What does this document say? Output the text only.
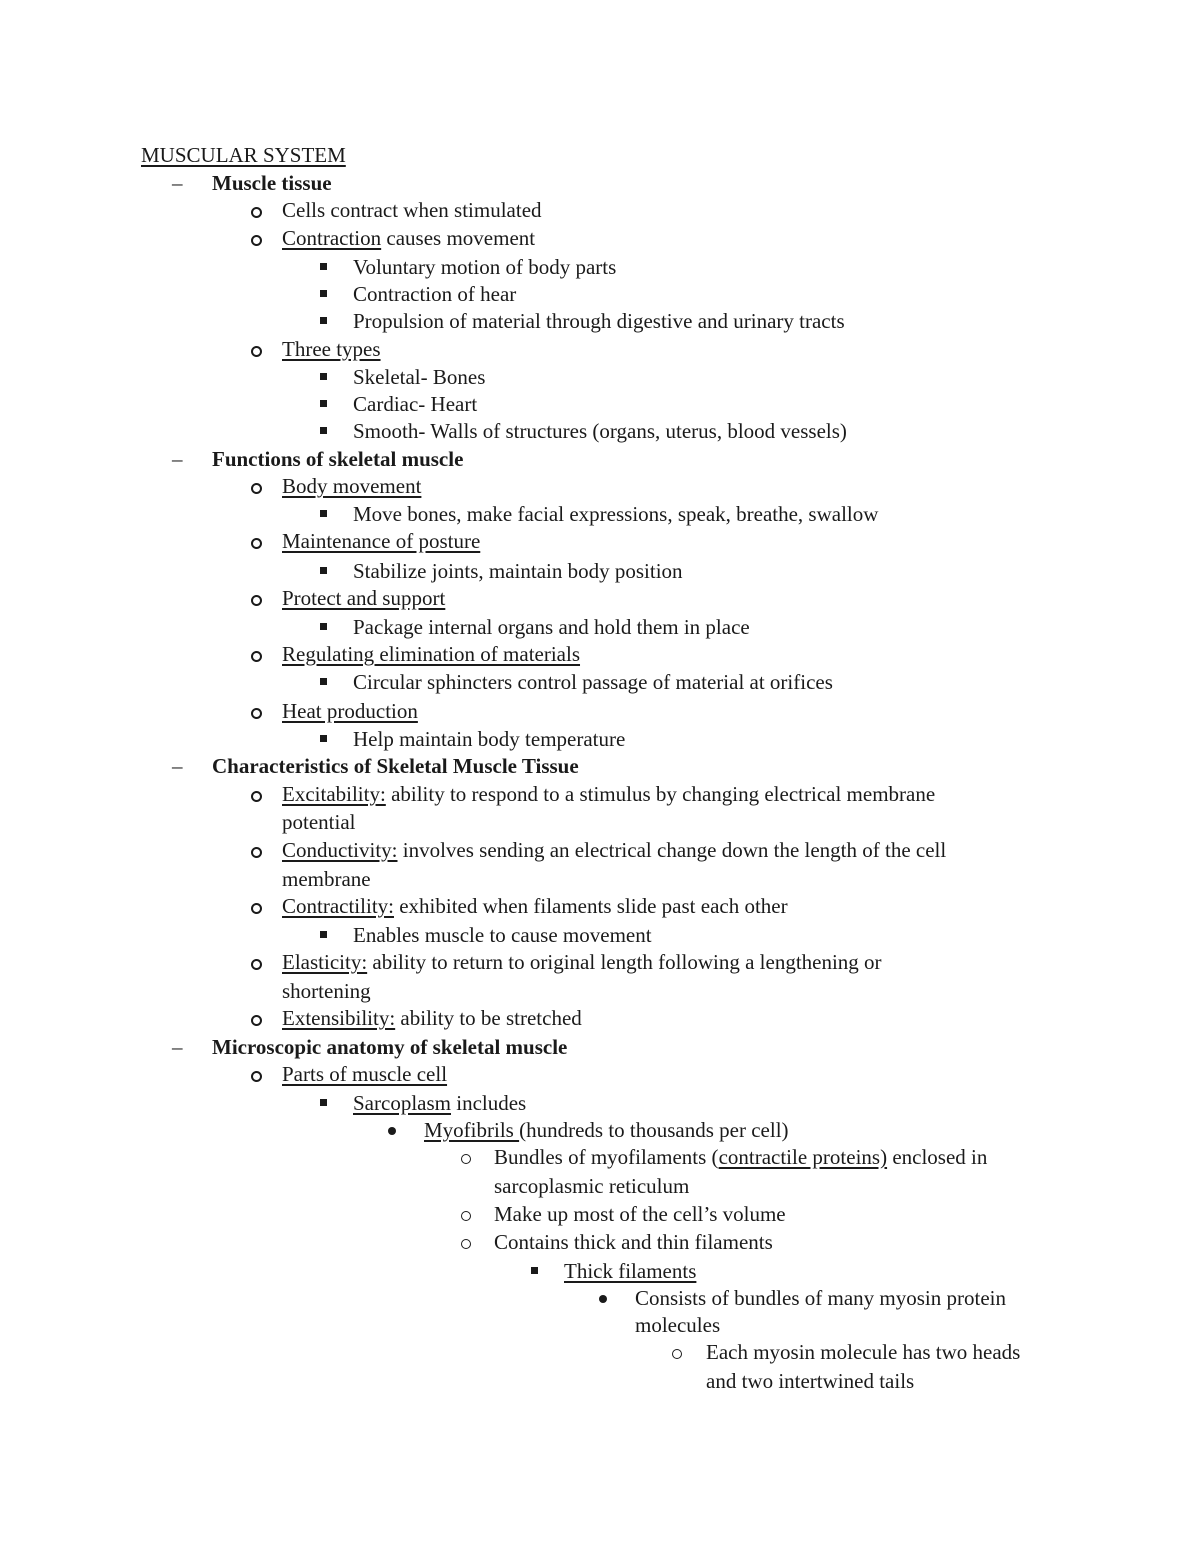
MUSCULAR SYSTEM
– Muscle tissue
Cells contract when stimulated
Contraction causes movement
Voluntary motion of body parts
Contraction of hear
Propulsion of material through digestive and urinary tracts
Three types
Skeletal- Bones
Cardiac- Heart
Smooth- Walls of structures (organs, uterus, blood vessels)
– Functions of skeletal muscle
Body movement
Move bones, make facial expressions, speak, breathe, swallow
Maintenance of posture
Stabilize joints, maintain body position
Protect and support
Package internal organs and hold them in place
Regulating elimination of materials
Circular sphincters control passage of material at orifices
Heat production
Help maintain body temperature
– Characteristics of Skeletal Muscle Tissue
Excitability: ability to respond to a stimulus by changing electrical membrane
potential
Conductivity: involves sending an electrical change down the length of the cell
membrane
Contractility: exhibited when filaments slide past each other
Enables muscle to cause movement
Elasticity: ability to return to original length following a lengthening or
shortening
Extensibility: ability to be stretched
– Microscopic anatomy of skeletal muscle
Parts of muscle cell
Sarcoplasm includes
Myofibrils (hundreds to thousands per cell)
Bundles of myofilaments (contractile proteins) enclosed in
sarcoplasmic reticulum
Make up most of the cell’s volume
Contains thick and thin filaments
Thick filaments
Consists of bundles of many myosin protein
molecules
Each myosin molecule has two heads
and two intertwined tails
